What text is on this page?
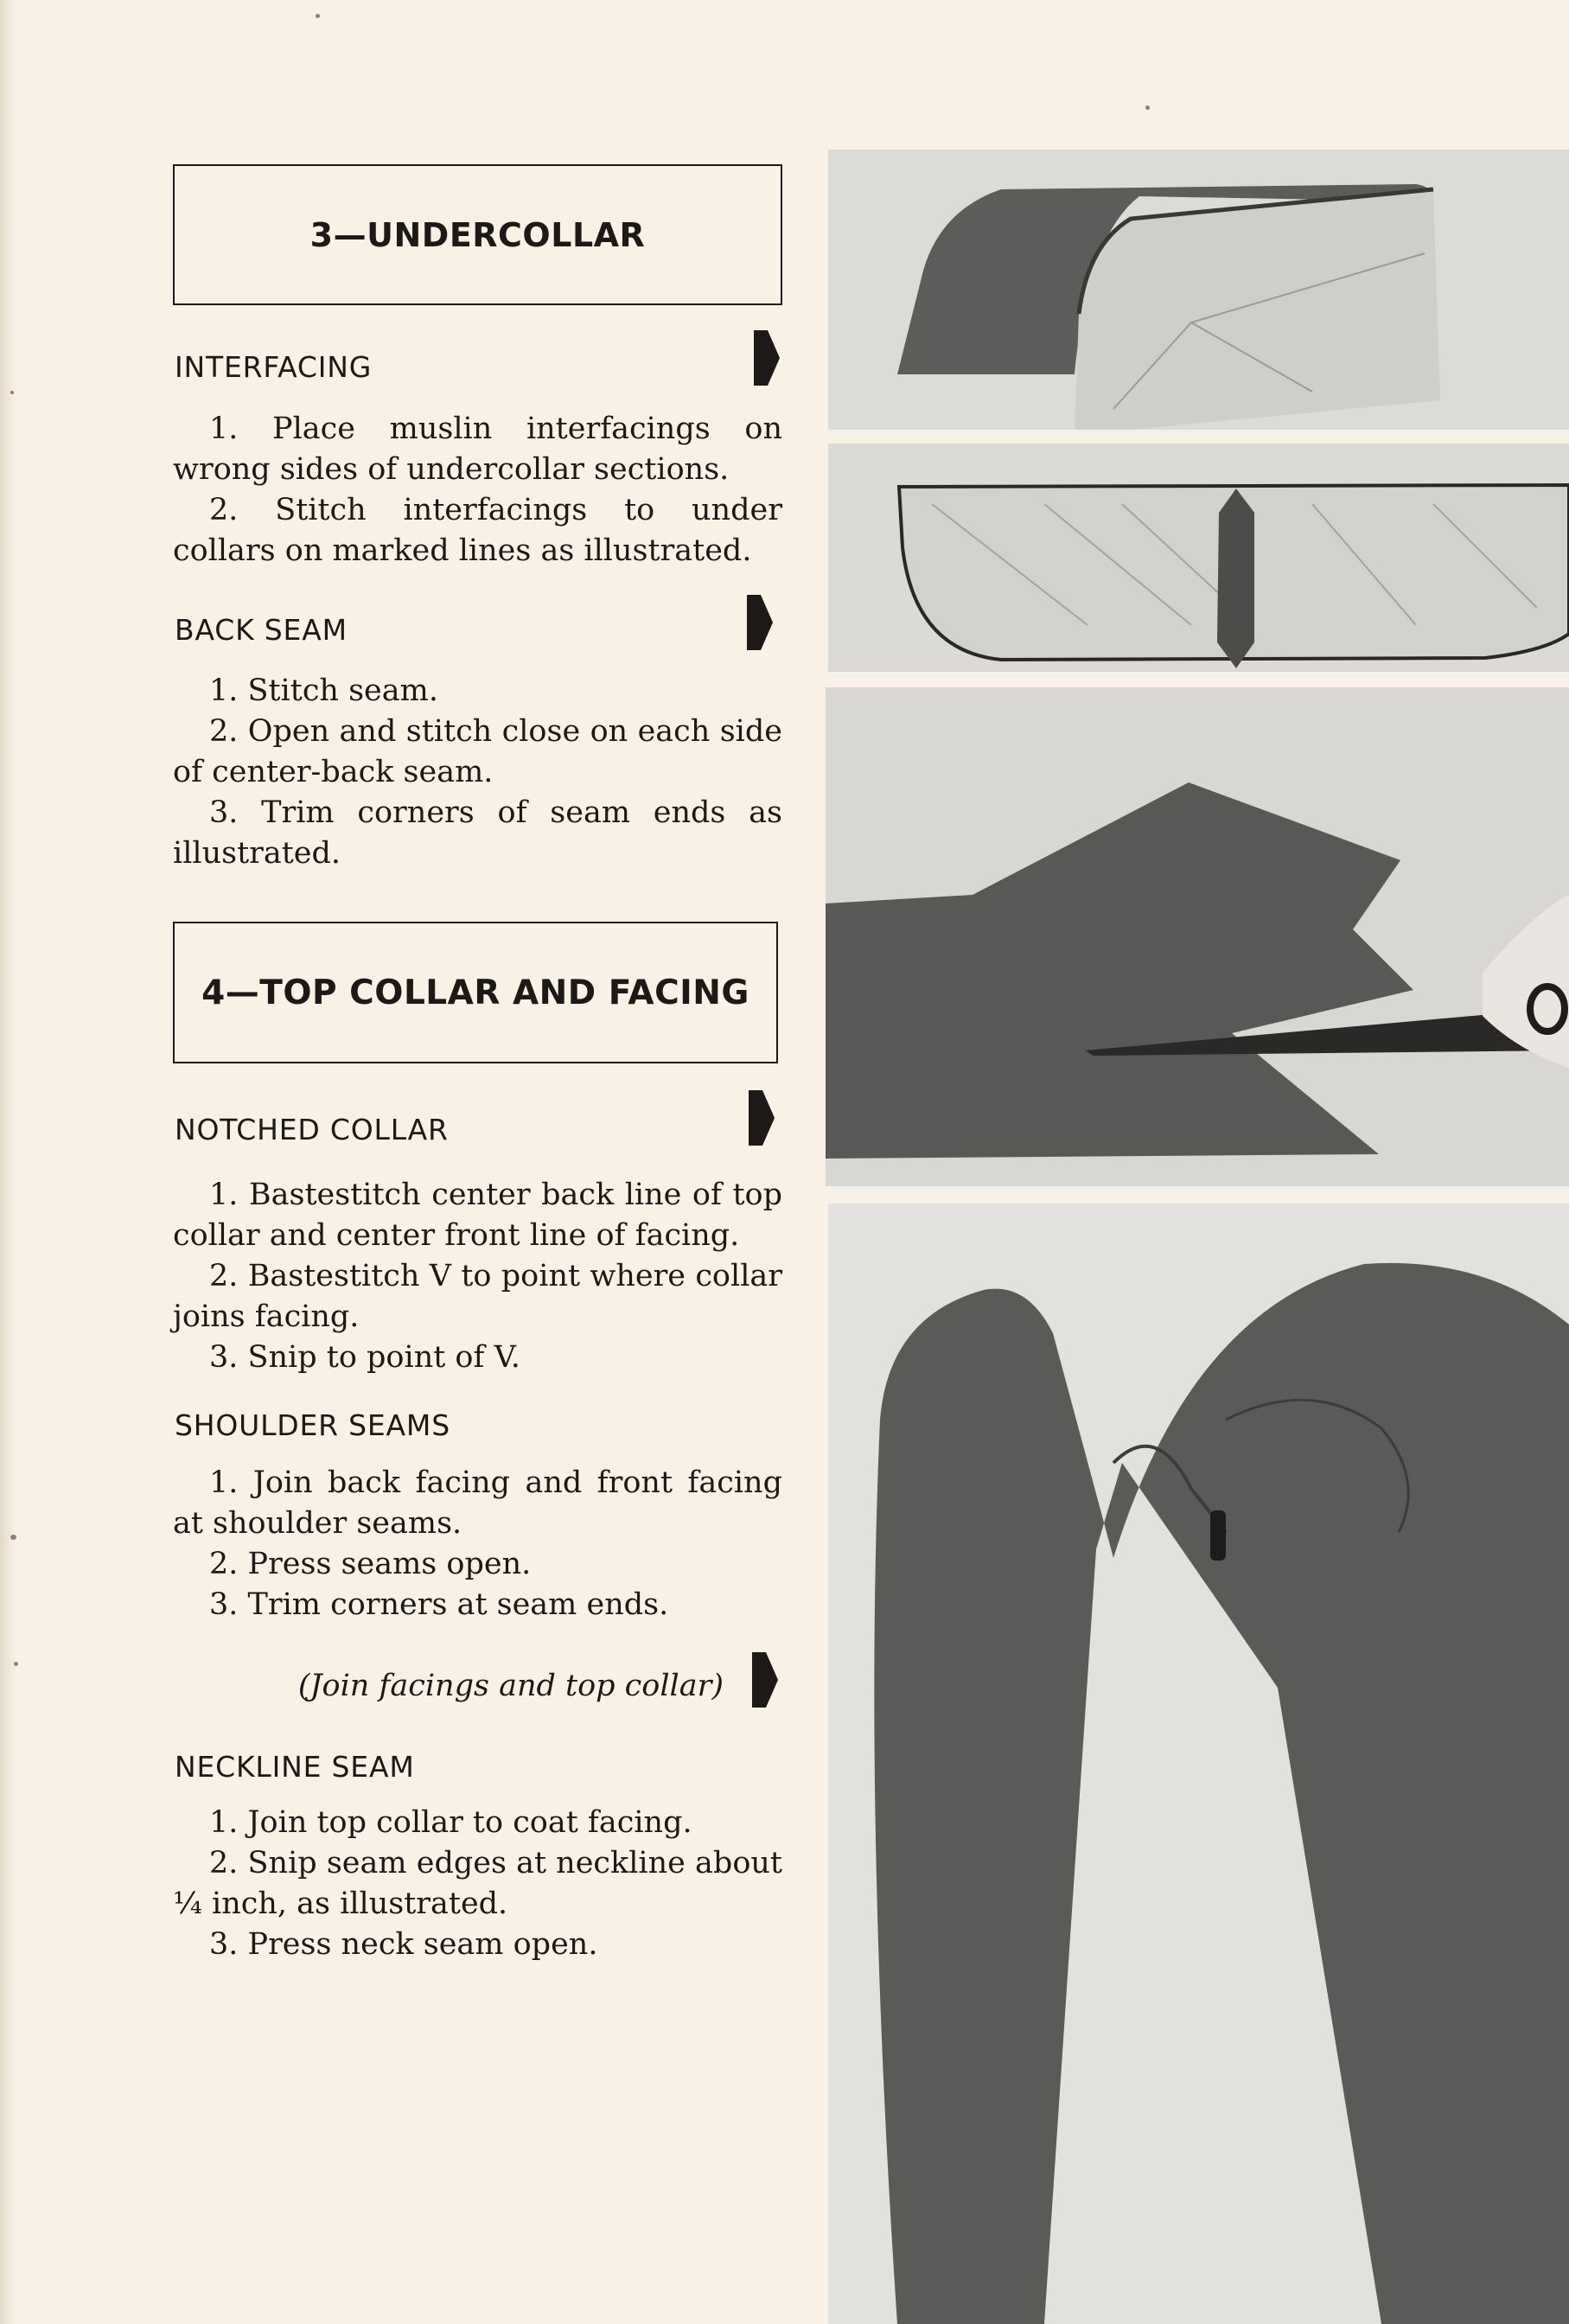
3—UNDERCOLLAR
INTERFACING

1. Place muslin interfacings on wrong sides of undercollar sections.

2. Stitch interfacings to under collars on marked lines as illustrated.

BACK SEAM

1. Stitch seam.

2. Open and stitch close on each side of center-back seam.

3. Trim corners of seam ends as illustrated.

4—TOP COLLAR AND FACING
NOTCHED COLLAR

1. Bastestitch center back line of top collar and center front line of facing.

2. Bastestitch V to point where collar joins facing.

3. Snip to point of V.

SHOULDER SEAMS

1. Join back facing and front facing at shoulder seams.

2. Press seams open.

3. Trim corners at seam ends.

(Join facings and top collar)
NECKLINE SEAM

1. Join top collar to coat facing.

2. Snip seam edges at neckline about ¼ inch, as illustrated.

3. Press neck seam open.
